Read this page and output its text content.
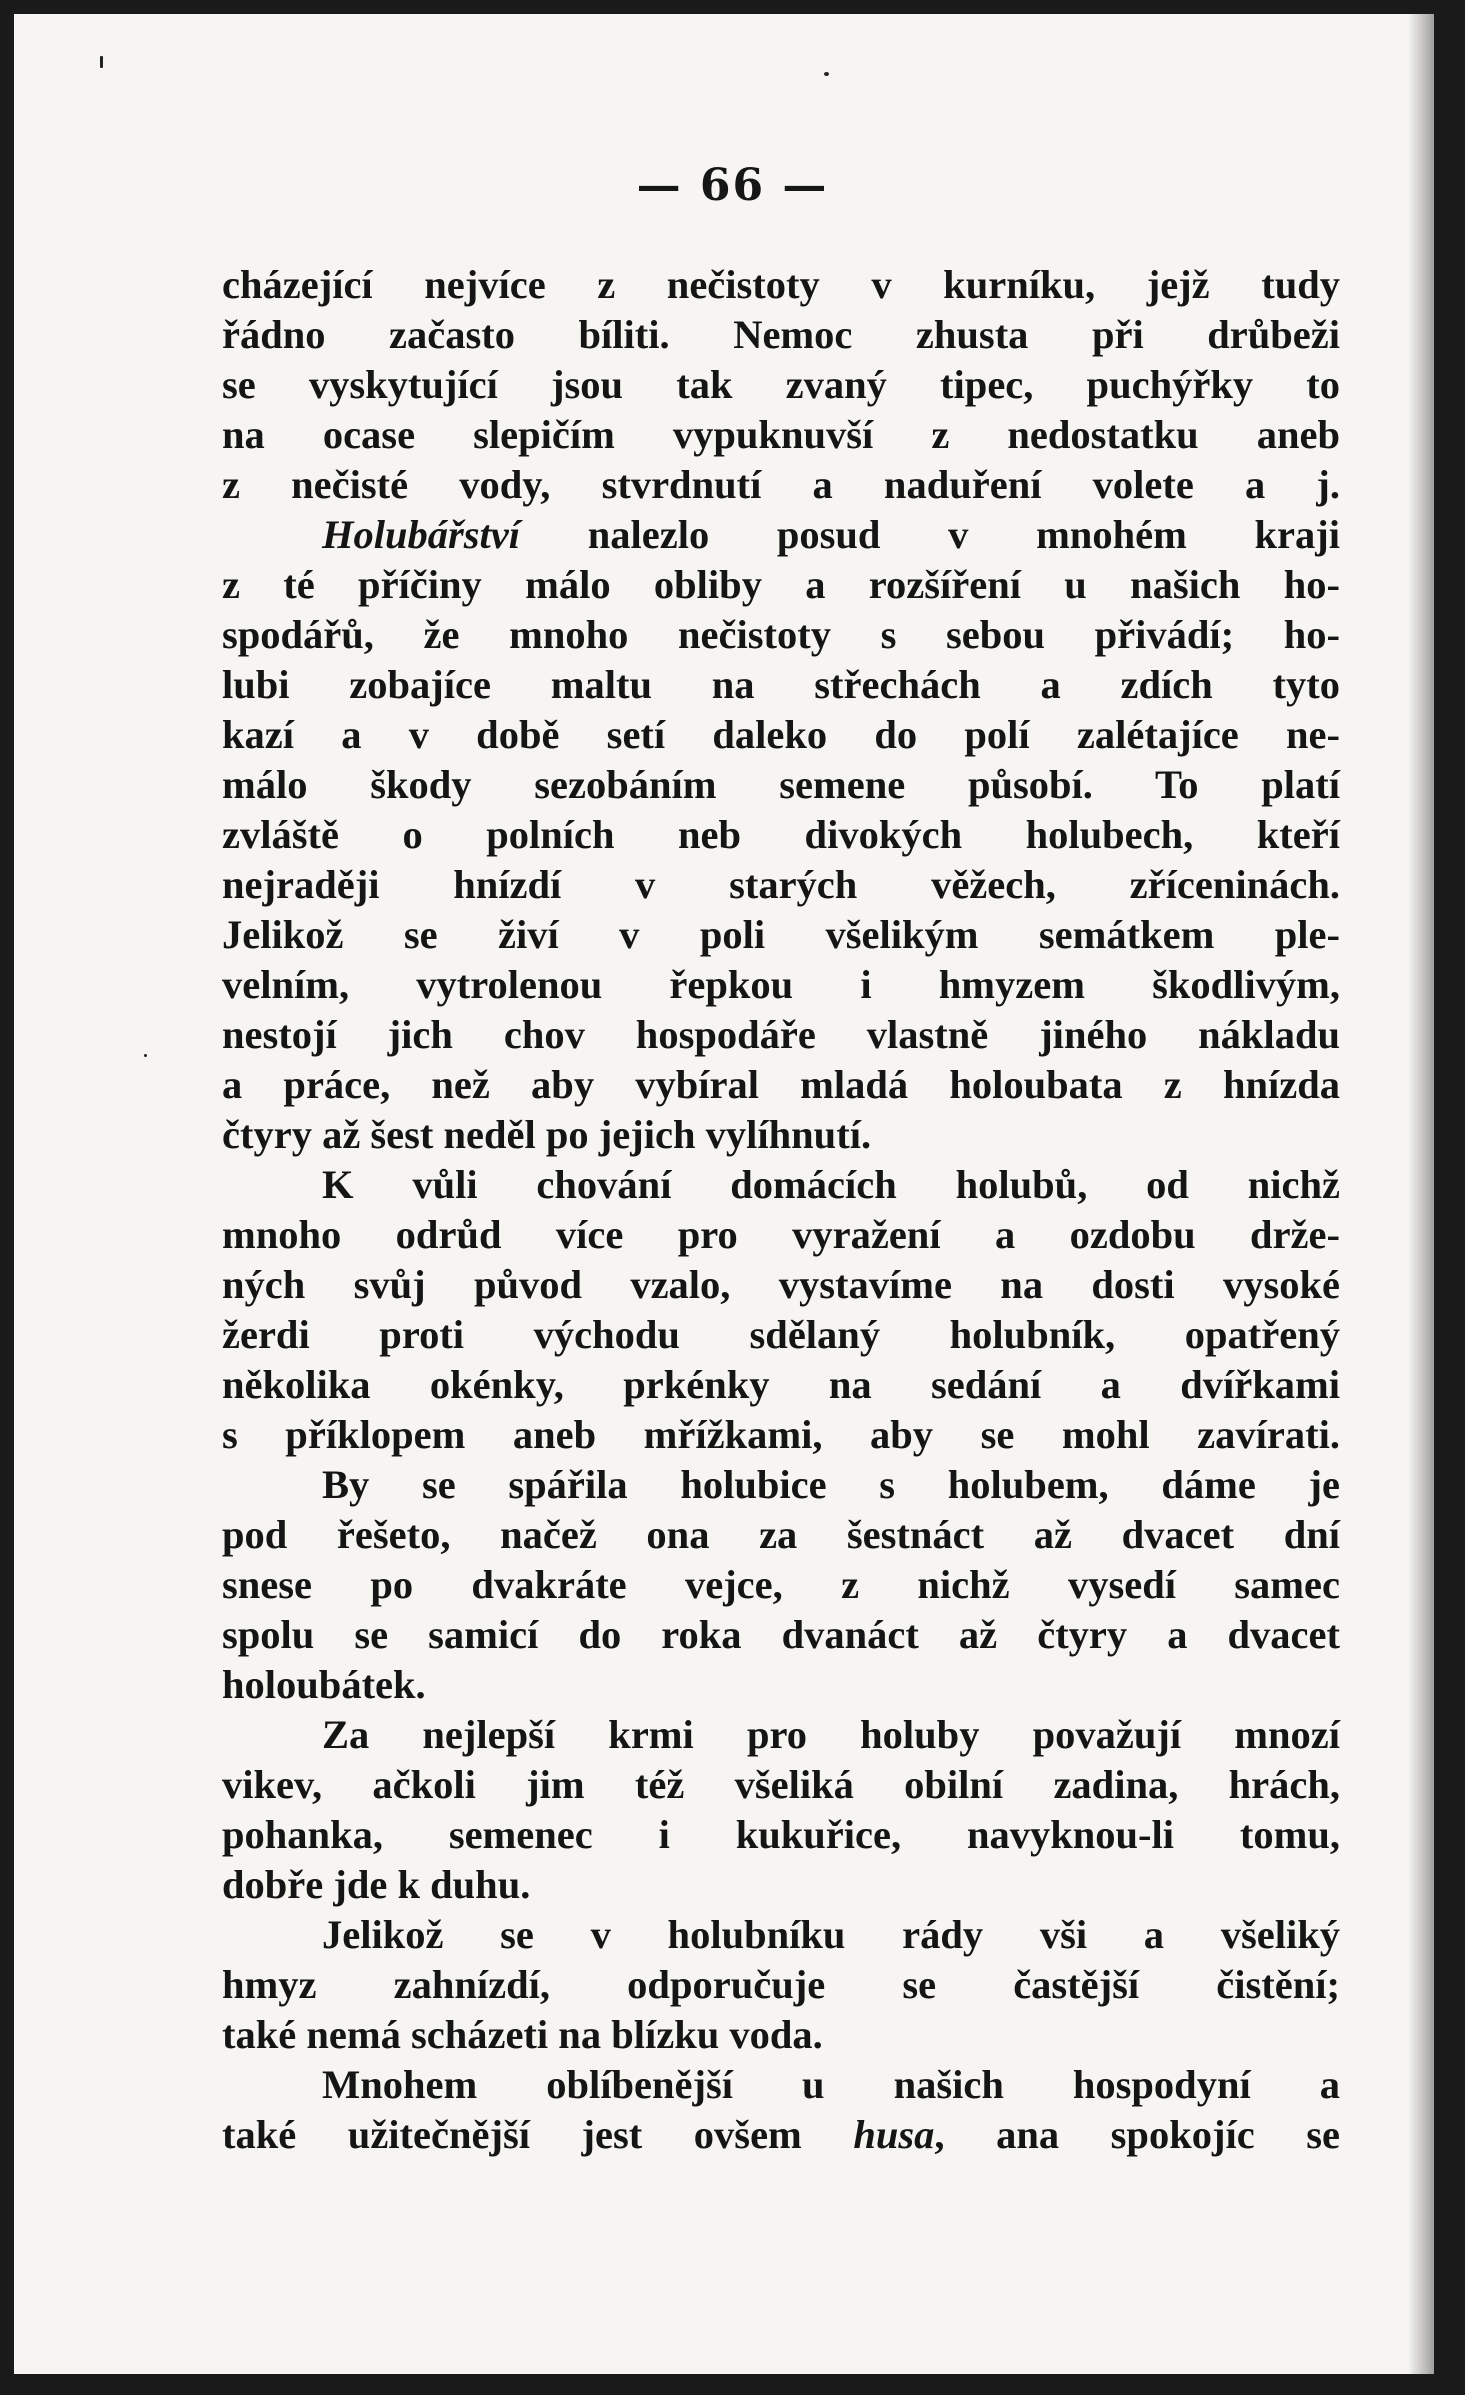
— 66 —
cházející nejvíce z nečistoty v kurníku, jejž tudy
řádno začasto bíliti. Nemoc zhusta při drůbeži
se vyskytující jsou tak zvaný tipec, puchýřky to
na ocase slepičím vypuknuvší z nedostatku aneb
z nečisté vody, stvrdnutí a naduření volete a j.
Holubářství nalezlo posud v mnohém kraji
z té příčiny málo obliby a rozšíření u našich ho-
spodářů, že mnoho nečistoty s sebou přivádí; ho-
lubi zobajíce maltu na střechách a zdích tyto
kazí a v době setí daleko do polí zalétajíce ne-
málo škody sezobáním semene působí. To platí
zvláště o polních neb divokých holubech, kteří
nejraději hnízdí v starých věžech, zříceninách.
Jelikož se živí v poli všelikým semátkem ple-
velním, vytrolenou řepkou i hmyzem škodlivým,
nestojí jich chov hospodáře vlastně jiného nákladu
a práce, než aby vybíral mladá holoubata z hnízda
čtyry až šest neděl po jejich vylíhnutí.
K vůli chování domácích holubů, od nichž
mnoho odrůd více pro vyražení a ozdobu drže-
ných svůj původ vzalo, vystavíme na dosti vysoké
žerdi proti východu sdělaný holubník, opatřený
několika okénky, prkénky na sedání a dvířkami
s příklopem aneb mřížkami, aby se mohl zavírati.
By se spářila holubice s holubem, dáme je
pod řešeto, načež ona za šestnáct až dvacet dní
snese po dvakráte vejce, z nichž vysedí samec
spolu se samicí do roka dvanáct až čtyry a dvacet
holoubátek.
Za nejlepší krmi pro holuby považují mnozí
vikev, ačkoli jim též všeliká obilní zadina, hrách,
pohanka, semenec i kukuřice, navyknou-li tomu,
dobře jde k duhu.
Jelikož se v holubníku rády vši a všeliký
hmyz zahnízdí, odporučuje se častější čistění;
také nemá scházeti na blízku voda.
Mnohem oblíbenější u našich hospodyní a
také užitečnější jest ovšem husa, ana spokojíc se
